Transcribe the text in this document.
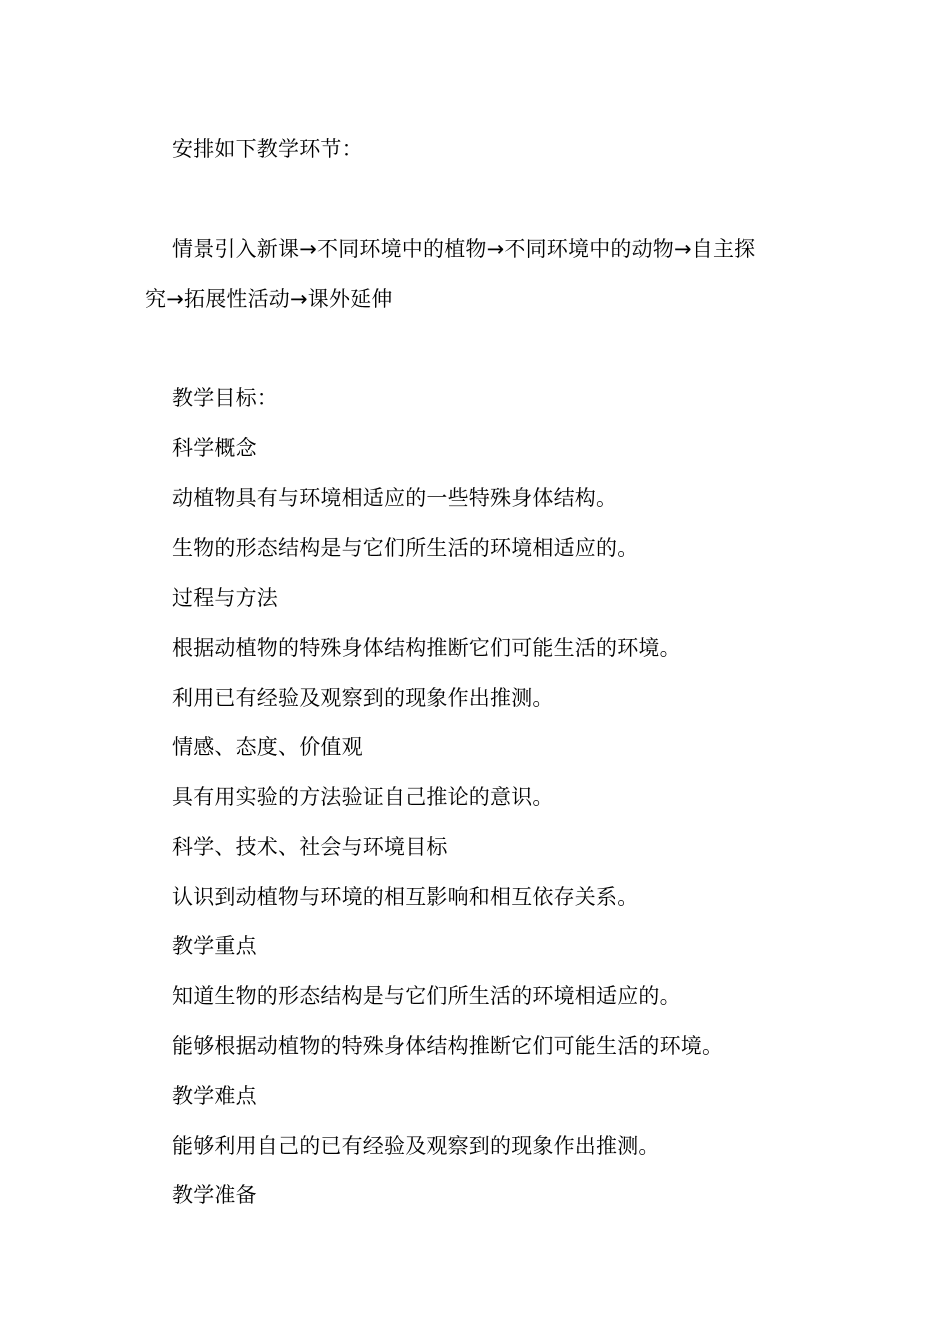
安排如下教学环节：
情景引入新课→不同环境中的植物→不同环境中的动物→自主探
究→拓展性活动→课外延伸
教学目标：
科学概念
动植物具有与环境相适应的一些特殊身体结构。
生物的形态结构是与它们所生活的环境相适应的。
过程与方法
根据动植物的特殊身体结构推断它们可能生活的环境。
利用已有经验及观察到的现象作出推测。
情感、态度、价值观
具有用实验的方法验证自己推论的意识。
科学、技术、社会与环境目标
认识到动植物与环境的相互影响和相互依存关系。
教学重点
知道生物的形态结构是与它们所生活的环境相适应的。
能够根据动植物的特殊身体结构推断它们可能生活的环境。
教学难点
能够利用自己的已有经验及观察到的现象作出推测。
教学准备
